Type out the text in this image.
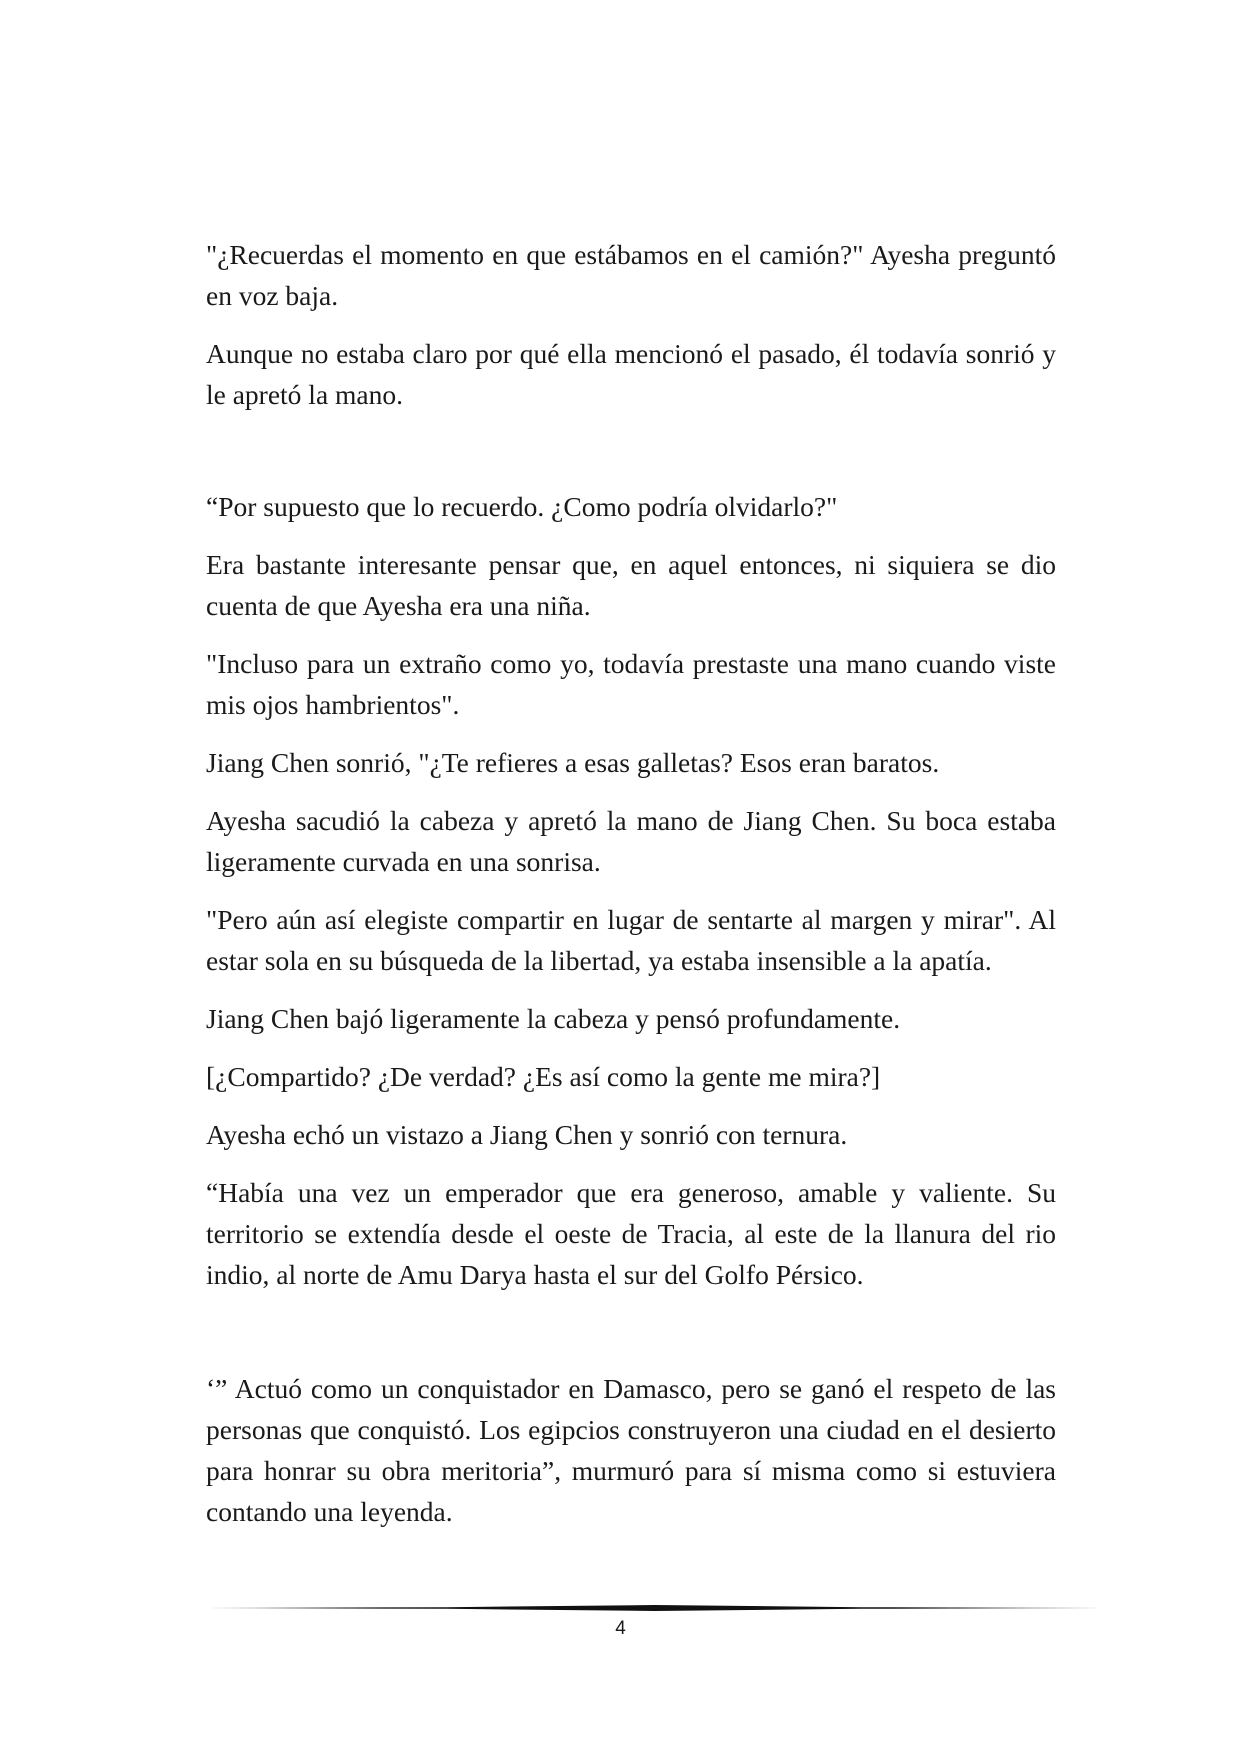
"¿Recuerdas el momento en que estábamos en el camión?" Ayesha preguntó en voz baja.

Aunque no estaba claro por qué ella mencionó el pasado, él todavía sonrió y le apretó la mano.

“Por supuesto que lo recuerdo. ¿Como podría olvidarlo?"

Era bastante interesante pensar que, en aquel entonces, ni siquiera se dio cuenta de que Ayesha era una niña.

"Incluso para un extraño como yo, todavía prestaste una mano cuando viste mis ojos hambrientos".

Jiang Chen sonrió, "¿Te refieres a esas galletas? Esos eran baratos.

Ayesha sacudió la cabeza y apretó la mano de Jiang Chen. Su boca estaba ligeramente curvada en una sonrisa.

"Pero aún así elegiste compartir en lugar de sentarte al margen y mirar". Al estar sola en su búsqueda de la libertad, ya estaba insensible a la apatía.

Jiang Chen bajó ligeramente la cabeza y pensó profundamente.

[¿Compartido? ¿De verdad? ¿Es así como la gente me mira?]

Ayesha echó un vistazo a Jiang Chen y sonrió con ternura.

“Había una vez un emperador que era generoso, amable y valiente. Su territorio se extendía desde el oeste de Tracia, al este de la llanura del rio indio, al norte de Amu Darya hasta el sur del Golfo Pérsico.

‘” Actuó como un conquistador en Damasco, pero se ganó el respeto de las personas que conquistó. Los egipcios construyeron una ciudad en el desierto para honrar su obra meritoria”, murmuró para sí misma como si estuviera contando una leyenda.

4
